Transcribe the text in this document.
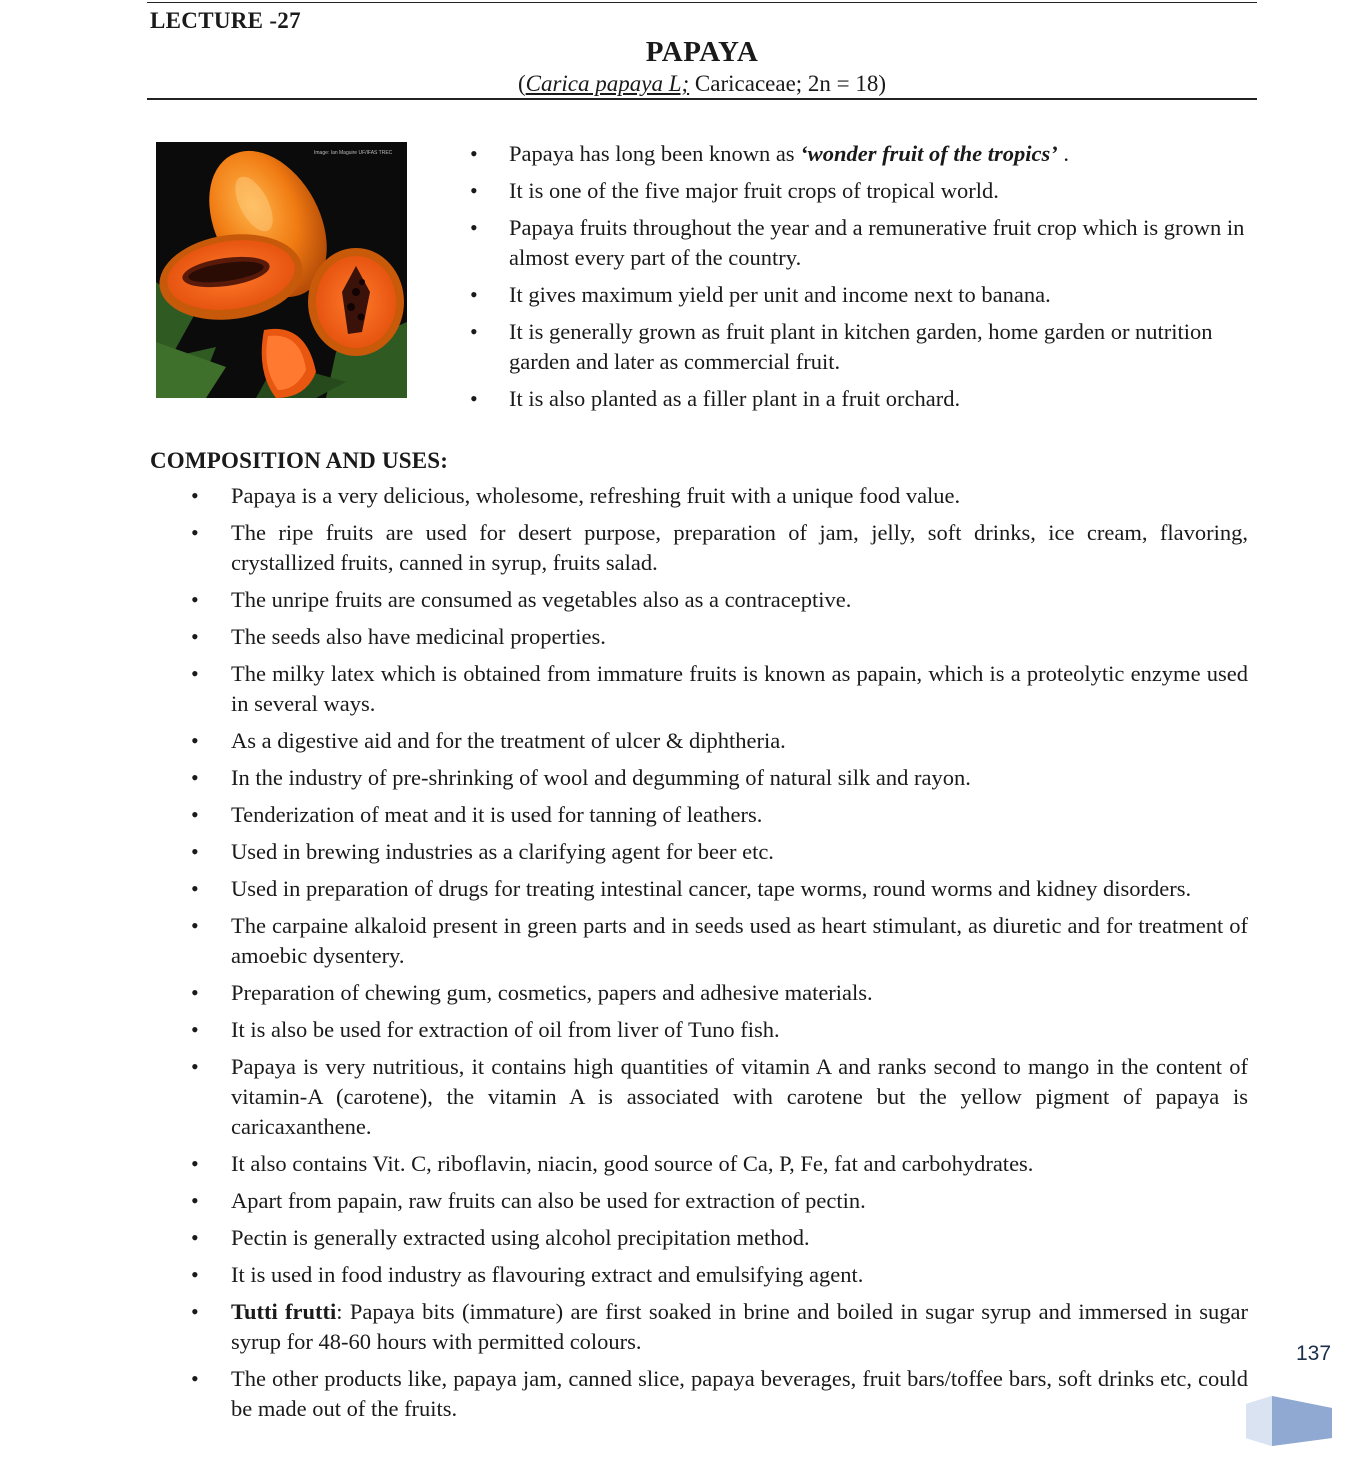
LECTURE -27
PAPAYA
(Carica papaya L; Caricaceae; 2n = 18)
Image: Ian Maguire UF/IFAS TREC
•	Papaya has long been known as ‘wonder fruit of the tropics’ .
• It is one of the five major fruit crops of tropical world.
• Papaya fruits throughout the year and a remunerative fruit crop which is grown in almost every part of the country.
• It gives maximum yield per unit and income next to banana.
• It is generally grown as fruit plant in kitchen garden, home garden or nutrition garden and later as commercial fruit.
• It is also planted as a filler plant in a fruit orchard.
COMPOSITION AND USES:
• Papaya is a very delicious, wholesome, refreshing fruit with a unique food value.
• The ripe fruits are used for desert purpose, preparation of jam, jelly, soft drinks, ice cream, flavoring, crystallized fruits, canned in syrup, fruits salad.
• The unripe fruits are consumed as vegetables also as a contraceptive.
• The seeds also have medicinal properties.
• The milky latex which is obtained from immature fruits is known as papain, which is a proteolytic enzyme used in several ways.
• As a digestive aid and for the treatment of ulcer & diphtheria.
• In the industry of pre-shrinking of wool and degumming of natural silk and rayon.
• Tenderization of meat and it is used for tanning of leathers.
• Used in brewing industries as a clarifying agent for beer etc.
• Used in preparation of drugs for treating intestinal cancer, tape worms, round worms and kidney disorders.
• The carpaine alkaloid present in green parts and in seeds used as heart stimulant, as diuretic and for treatment of amoebic dysentery.
• Preparation of chewing gum, cosmetics, papers and adhesive materials.
• It is also be used for extraction of oil from liver of Tuno fish.
• Papaya is very nutritious, it contains high quantities of vitamin A and ranks second to mango in the content of vitamin-A (carotene), the vitamin A is associated with carotene but the yellow pigment of papaya is caricaxanthene.
• It also contains Vit. C, riboflavin, niacin, good source of Ca, P, Fe, fat and carbohydrates.
• Apart from papain, raw fruits can also be used for extraction of pectin.
• Pectin is generally extracted using alcohol precipitation method.
• It is used in food industry as flavouring extract and emulsifying agent.
• Tutti frutti: Papaya bits (immature) are first soaked in brine and boiled in sugar syrup and immersed in sugar syrup for 48-60 hours with permitted colours.
• The other products like, papaya jam, canned slice, papaya beverages, fruit bars/toffee bars, soft drinks etc, could be made out of the fruits.
137
